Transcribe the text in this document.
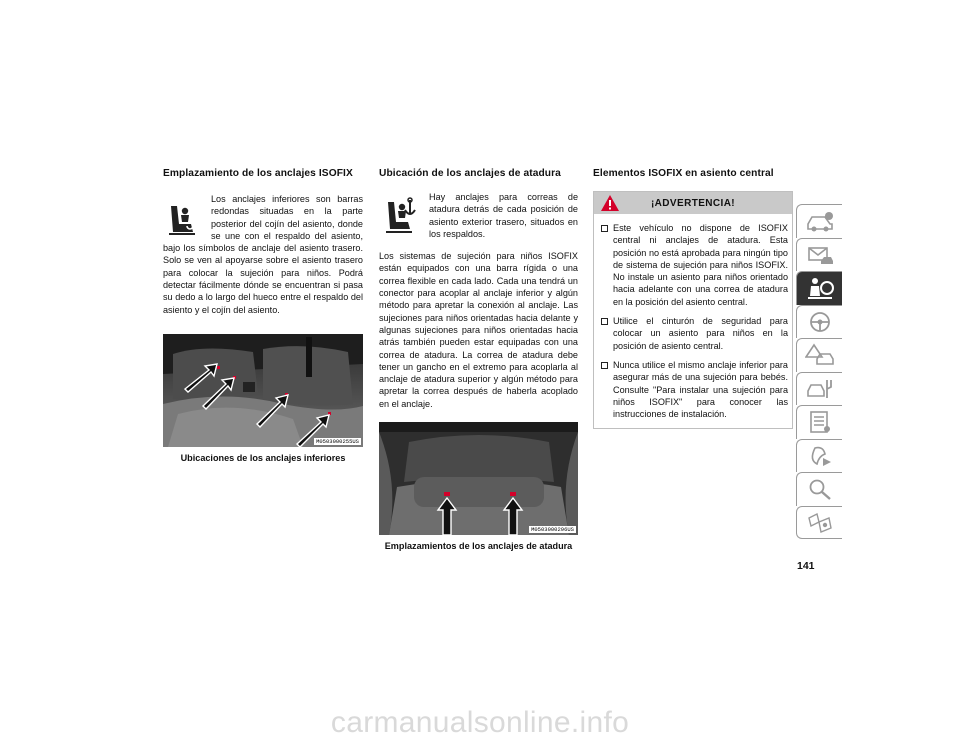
Emplazamiento de los anclajes ISOFIX

Los anclajes inferiores son barras redondas situadas en la parte posterior del cojín del asiento, donde se une con el respaldo del asiento, bajo los símbolos de anclaje del asiento trasero. Solo se ven al apoyarse sobre el asiento trasero para colocar la sujeción para niños. Podrá detectar fácilmente dónde se encuentran si pasa su dedo a lo largo del hueco entre el respaldo del asiento y el cojín del asiento.

M0503000255US
Ubicaciones de los anclajes inferiores
Ubicación de los anclajes de atadura

Hay anclajes para correas de atadura detrás de cada posición de asiento exterior trasero, situados en los respaldos.

Los sistemas de sujeción para niños ISOFIX están equipados con una barra rígida o una correa flexible en cada lado. Cada una tendrá un conector para acoplar al anclaje inferior y algún método para apretar la conexión al anclaje. Las sujeciones para niños orientadas hacia delante y algunas sujeciones para niños orientadas hacia atrás también pueden estar equipadas con una correa de atadura. La correa de atadura debe tener un gancho en el extremo para acoplarla al anclaje de atadura superior y algún método para apretar la correa después de haberla acoplado en el anclaje.

M0503000296US
Emplazamientos de los anclajes de atadura
Elementos ISOFIX en asiento central
¡ADVERTENCIA!
Este vehículo no dispone de ISOFIX central ni anclajes de atadura. Esta posición no está aprobada para ningún tipo de sistema de sujeción para niños ISOFIX. No instale un asiento para niños orientado hacia adelante con una correa de atadura en la posición del asiento central.
Utilice el cinturón de seguridad para colocar un asiento para niños en la posición de asiento central.
Nunca utilice el mismo anclaje inferior para asegurar más de una sujeción para bebés. Consulte "Para instalar una sujeción para niños ISOFIX" para conocer las instrucciones de instalación.
141
carmanualsonline.info
